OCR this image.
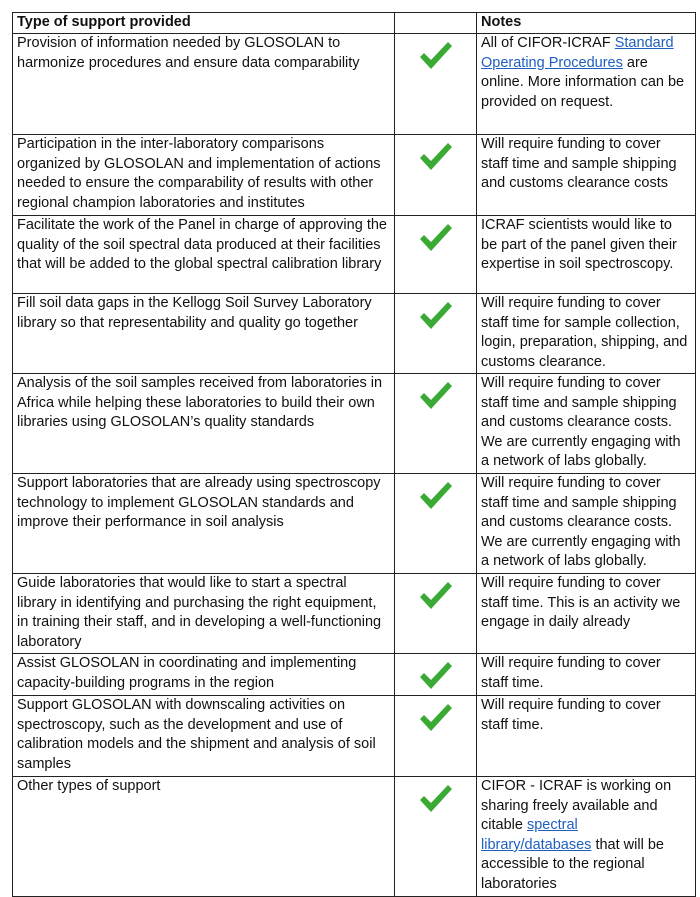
Type of support provided		Notes
Provision of information needed by GLOSOLAN to harmonize procedures and ensure data comparability		All of CIFOR-ICRAF Standard Operating Procedures are online. More information can be provided on request.
Participation in the inter-laboratory comparisons organized by GLOSOLAN and implementation of actions needed to ensure the comparability of results with other regional champion laboratories and institutes		Will require funding to cover staff time and sample shipping and customs clearance costs
Facilitate the work of the Panel in charge of approving the quality of the soil spectral data produced at their facilities that will be added to the global spectral calibration library		ICRAF scientists would like to be part of the panel given their expertise in soil spectroscopy.
Fill soil data gaps in the Kellogg Soil Survey Laboratory library so that representability and quality go together		Will require funding to cover staff time for sample collection, login, preparation, shipping, and customs clearance.
Analysis of the soil samples received from laboratories in Africa while helping these laboratories to build their own libraries using GLOSOLAN’s quality standards		Will require funding to cover staff time and sample shipping and customs clearance costs. We are currently engaging with a network of labs globally.
Support laboratories that are already using spectroscopy technology to implement GLOSOLAN standards and improve their performance in soil analysis		Will require funding to cover staff time and sample shipping and customs clearance costs. We are currently engaging with a network of labs globally.
Guide laboratories that would like to start a spectral library in identifying and purchasing the right equipment, in training their staff, and in developing a well-functioning laboratory		Will require funding to cover staff time. This is an activity we engage in daily already
Assist GLOSOLAN in coordinating and implementing capacity-building programs in the region		Will require funding to cover staff time.
Support GLOSOLAN with downscaling activities on spectroscopy, such as the development and use of calibration models and the shipment and analysis of soil samples		Will require funding to cover staff time.
Other types of support		CIFOR - ICRAF is working on sharing freely available and citable spectral library/databases that will be accessible to the regional laboratories
